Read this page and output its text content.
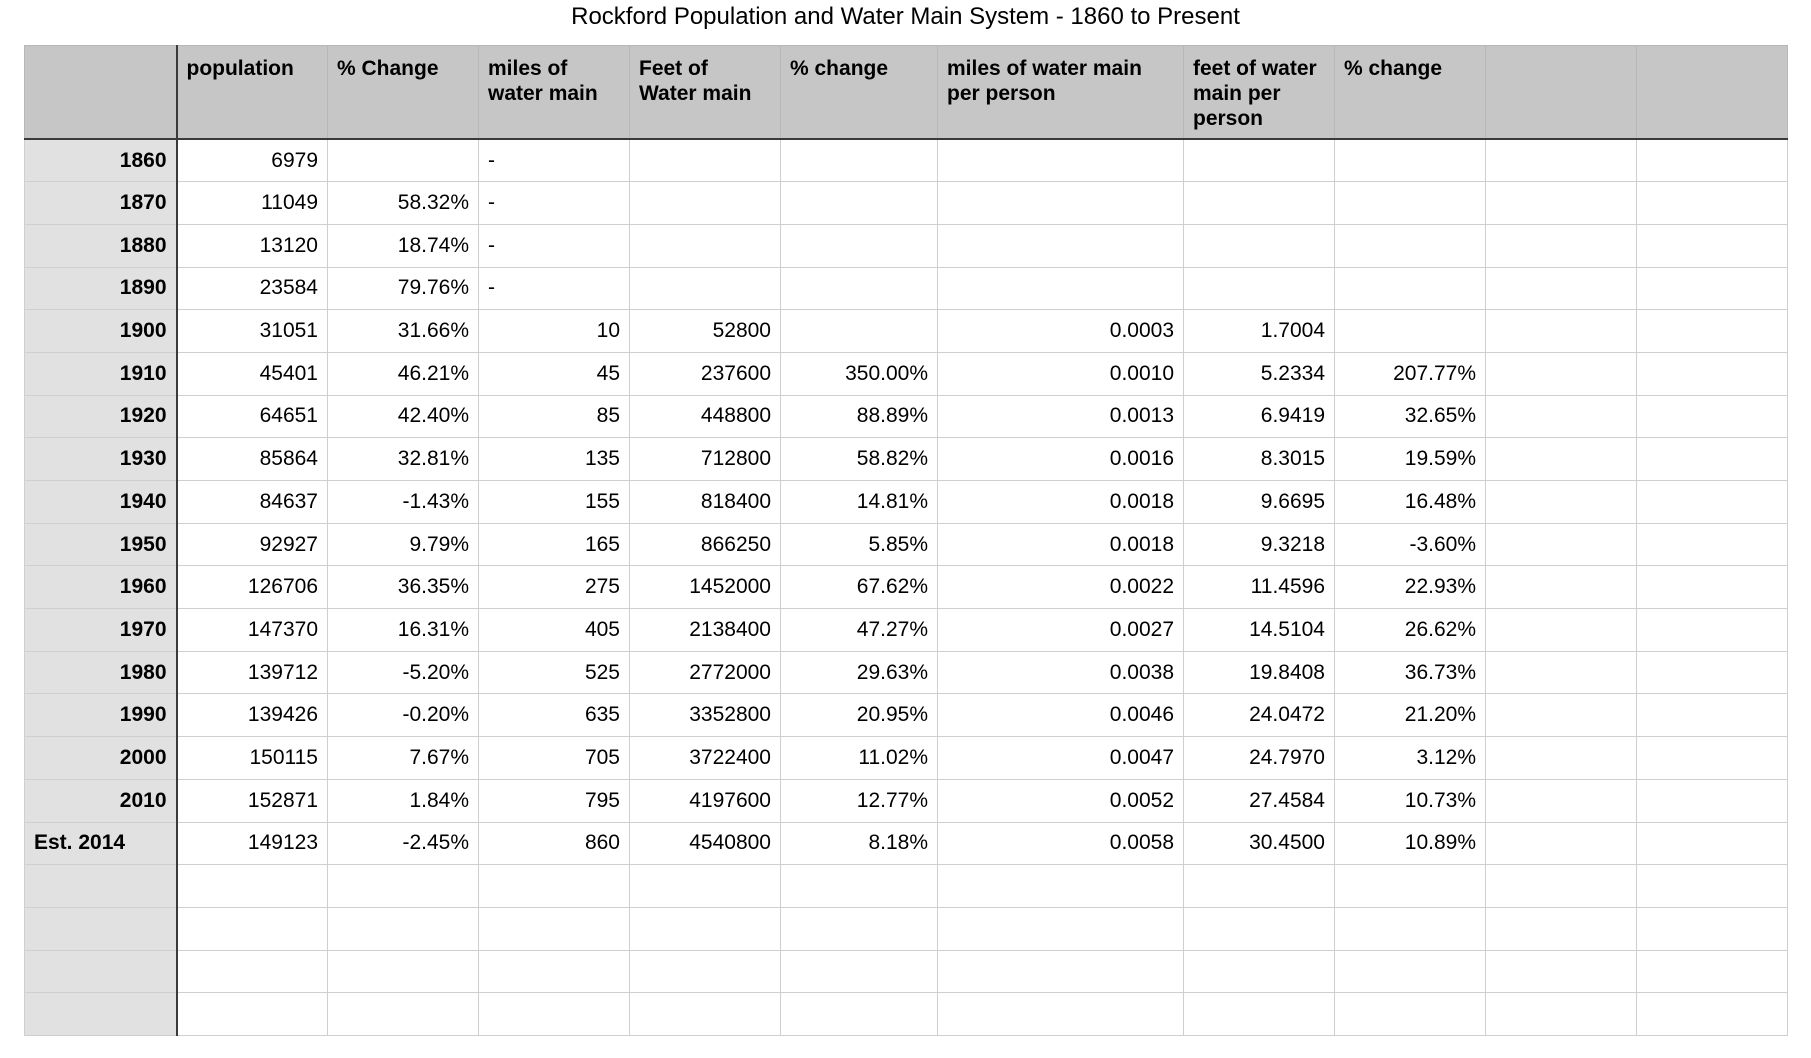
Rockford Population and Water Main System - 1860 to Present
	population	% Change	miles of water main	Feet of Water main	% change	miles of water main per person	feet of water main per person	% change		
1860	6979		-							
1870	11049	58.32%	-							
1880	13120	18.74%	-							
1890	23584	79.76%	-							
1900	31051	31.66%	10	52800		0.0003	1.7004			
1910	45401	46.21%	45	237600	350.00%	0.0010	5.2334	207.77%		
1920	64651	42.40%	85	448800	88.89%	0.0013	6.9419	32.65%		
1930	85864	32.81%	135	712800	58.82%	0.0016	8.3015	19.59%		
1940	84637	-1.43%	155	818400	14.81%	0.0018	9.6695	16.48%		
1950	92927	9.79%	165	866250	5.85%	0.0018	9.3218	-3.60%		
1960	126706	36.35%	275	1452000	67.62%	0.0022	11.4596	22.93%		
1970	147370	16.31%	405	2138400	47.27%	0.0027	14.5104	26.62%		
1980	139712	-5.20%	525	2772000	29.63%	0.0038	19.8408	36.73%		
1990	139426	-0.20%	635	3352800	20.95%	0.0046	24.0472	21.20%		
2000	150115	7.67%	705	3722400	11.02%	0.0047	24.7970	3.12%		
2010	152871	1.84%	795	4197600	12.77%	0.0052	27.4584	10.73%		
Est. 2014	149123	-2.45%	860	4540800	8.18%	0.0058	30.4500	10.89%		
